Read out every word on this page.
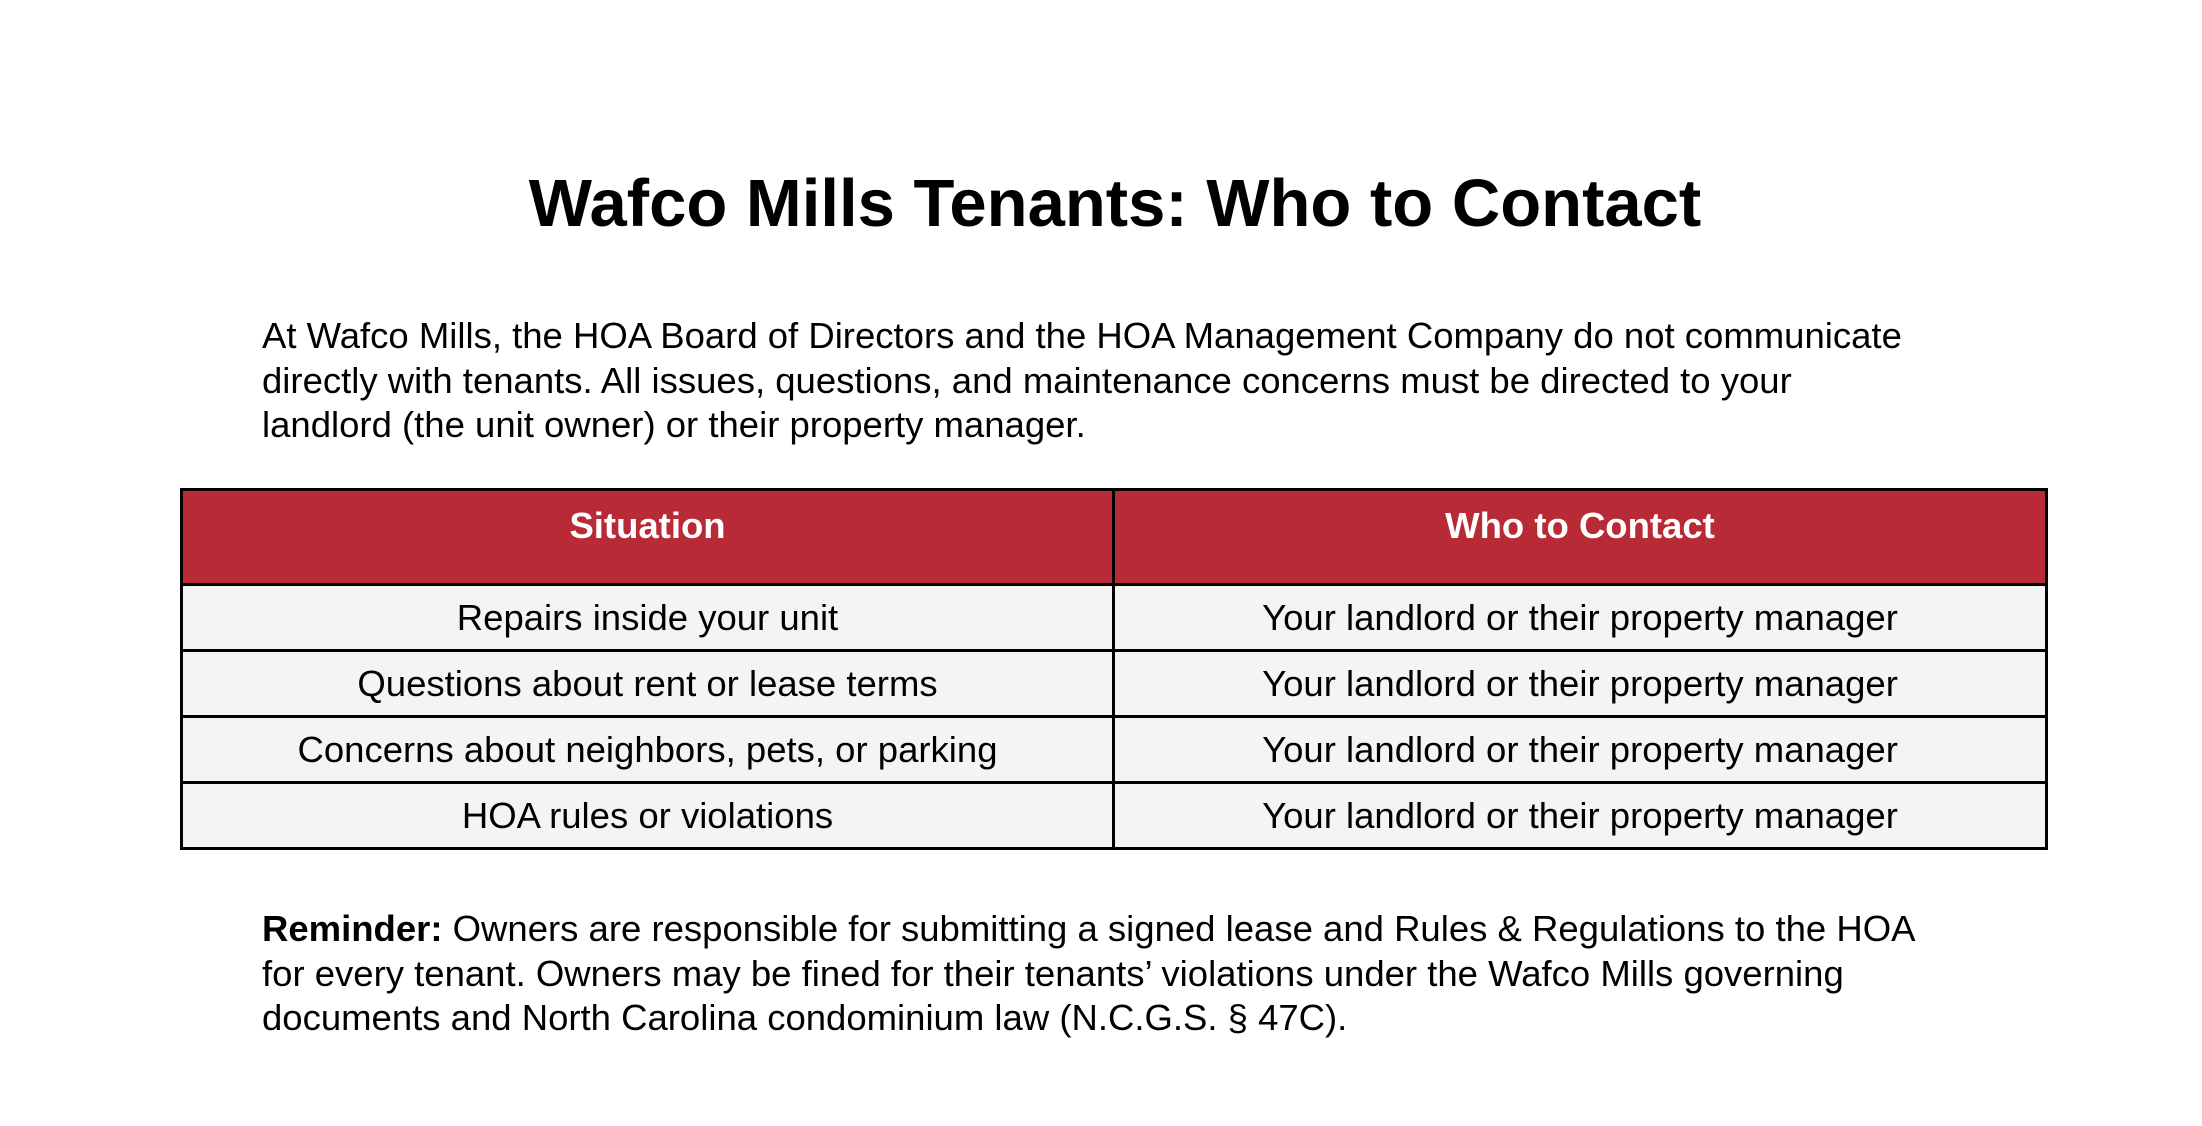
Wafco Mills Tenants: Who to Contact

At Wafco Mills, the HOA Board of Directors and the HOA Management Company do not communicate
directly with tenants. All issues, questions, and maintenance concerns must be directed to your
landlord (the unit owner) or their property manager.

Situation	Who to Contact
Repairs inside your unit	Your landlord or their property manager
Questions about rent or lease terms	Your landlord or their property manager
Concerns about neighbors, pets, or parking	Your landlord or their property manager
HOA rules or violations	Your landlord or their property manager

Reminder: Owners are responsible for submitting a signed lease and Rules & Regulations to the HOA
for every tenant. Owners may be fined for their tenants’ violations under the Wafco Mills governing
documents and North Carolina condominium law (N.C.G.S. § 47C).
